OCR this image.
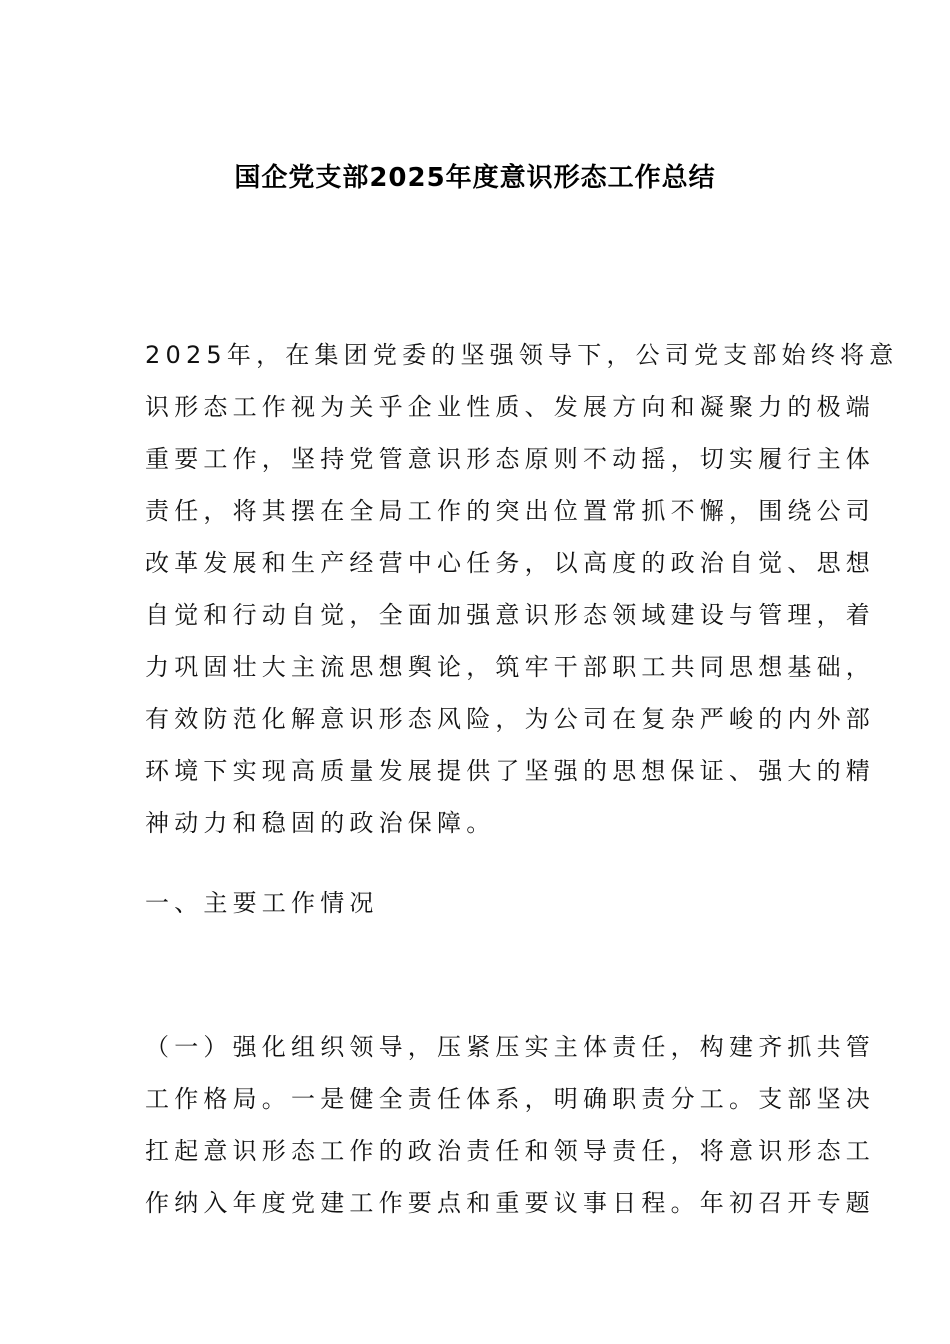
国企党支部2025年度意识形态工作总结
2025年，在集团党委的坚强领导下，公司党支部始终将意
识形态工作视为关乎企业性质、发展方向和凝聚力的极端
重要工作，坚持党管意识形态原则不动摇，切实履行主体
责任，将其摆在全局工作的突出位置常抓不懈，围绕公司
改革发展和生产经营中心任务，以高度的政治自觉、思想
自觉和行动自觉，全面加强意识形态领域建设与管理，着
力巩固壮大主流思想舆论，筑牢干部职工共同思想基础，
有效防范化解意识形态风险，为公司在复杂严峻的内外部
环境下实现高质量发展提供了坚强的思想保证、强大的精
神动力和稳固的政治保障。
一、主要工作情况
（一）强化组织领导，压紧压实主体责任，构建齐抓共管
工作格局。一是健全责任体系，明确职责分工。支部坚决
扛起意识形态工作的政治责任和领导责任，将意识形态工
作纳入年度党建工作要点和重要议事日程。年初召开专题
